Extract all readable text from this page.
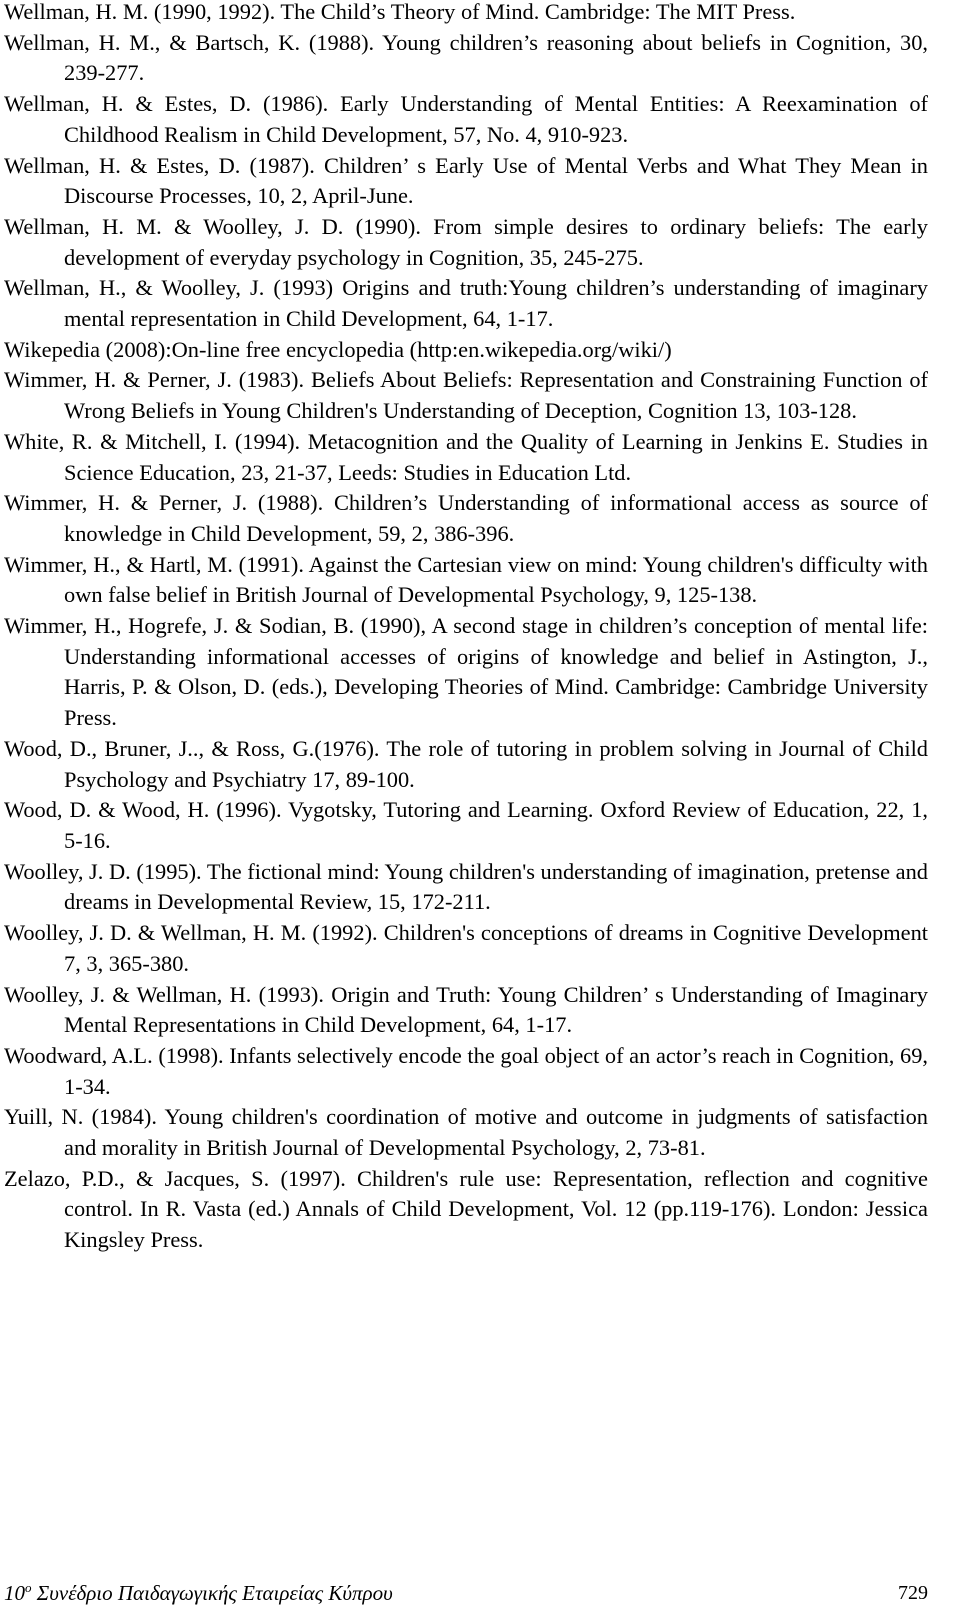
Wellman, H. M. (1990, 1992). The Child’s Theory of Mind. Cambridge: The MIT Press.
Wellman, H. M., & Bartsch, K. (1988). Young children’s reasoning about beliefs in Cognition, 30, 239-277.
Wellman, H. & Estes, D. (1986). Early Understanding of Mental Entities: A Reexamination of Childhood Realism in Child Development, 57, No. 4, 910-923.
Wellman, H. & Estes, D. (1987). Children’ s Early Use of Mental Verbs and What They Mean in Discourse Processes, 10, 2, April-June.
Wellman, H. M. & Woolley, J. D. (1990). From simple desires to ordinary beliefs: The early development of everyday psychology in Cognition, 35, 245-275.
Wellman, H., & Woolley, J. (1993) Origins and truth:Young children’s understanding of imaginary mental representation in Child Development, 64, 1-17.
Wikepedia (2008):On-line free encyclopedia (http:en.wikepedia.org/wiki/)
Wimmer, H. & Perner, J. (1983). Beliefs About Beliefs: Representation and Constraining Function of Wrong Beliefs in Young Children's Understanding of Deception, Cognition 13, 103-128.
White, R. & Mitchell, I. (1994). Metacognition and the Quality of Learning in Jenkins E. Studies in Science Education, 23, 21-37, Leeds: Studies in Education Ltd.
Wimmer, H. & Perner, J. (1988). Children’s Understanding of informational access as source of knowledge in Child Development, 59, 2, 386-396.
Wimmer, H., & Hartl, M. (1991). Against the Cartesian view on mind: Young children's difficulty with own false belief in British Journal of Developmental Psychology, 9, 125-138.
Wimmer, H., Hogrefe, J. & Sodian, B. (1990), A second stage in children’s conception of mental life: Understanding informational accesses of origins of knowledge and belief in Astington, J., Harris, P. & Olson, D. (eds.), Developing Theories of Mind. Cambridge: Cambridge University Press.
Wood, D., Bruner, J.., & Ross, G.(1976). The role of tutoring in problem solving in Journal of Child Psychology and Psychiatry 17, 89-100.
Wood, D. & Wood, H. (1996). Vygotsky, Tutoring and Learning. Oxford Review of Education, 22, 1, 5-16.
Woolley, J. D. (1995). The fictional mind: Young children's understanding of imagination, pretense and dreams in Developmental Review, 15, 172-211.
Woolley, J. D. & Wellman, H. M. (1992). Children's conceptions of dreams in Cognitive Development 7, 3, 365-380.
Woolley, J. & Wellman, H. (1993). Origin and Truth: Young Children’ s Understanding of Imaginary Mental Representations in Child Development, 64, 1-17.
Woodward, A.L. (1998). Infants selectively encode the goal object of an actor’s reach in Cognition, 69, 1-34.
Yuill, N. (1984). Young children's coordination of motive and outcome in judgments of satisfaction and morality in British Journal of Developmental Psychology, 2, 73-81.
Zelazo, P.D., & Jacques, S. (1997). Children's rule use: Representation, reflection and cognitive control. In R. Vasta (ed.) Annals of Child Development, Vol. 12 (pp.119-176). London: Jessica Kingsley Press.
$10^o$ Συνέδριο Παιδαγωγικής Εταιρείας Κύπρου	729
